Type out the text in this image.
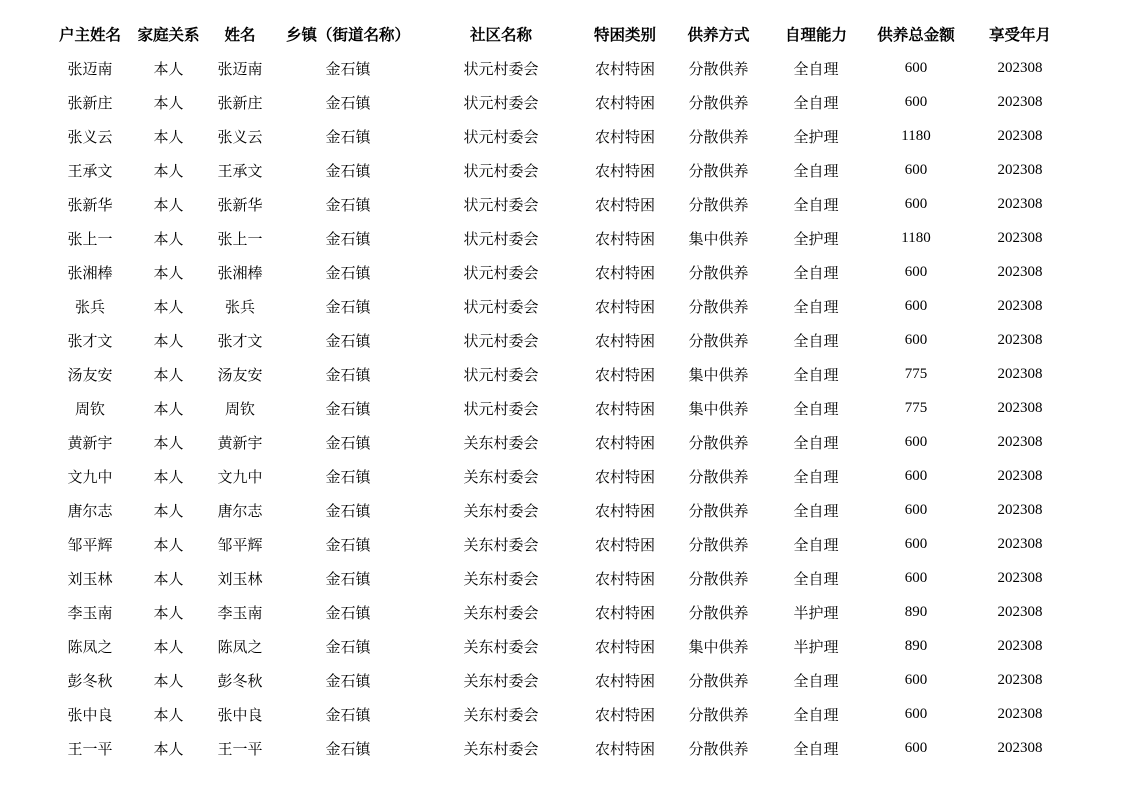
户主姓名	家庭关系	姓名	乡镇（街道名称）	社区名称	特困类别	供养方式	自理能力	供养总金额	享受年月
张迈南	本人	张迈南	金石镇	状元村委会	农村特困	分散供养	全自理	600	202308
张新庄	本人	张新庄	金石镇	状元村委会	农村特困	分散供养	全自理	600	202308
张义云	本人	张义云	金石镇	状元村委会	农村特困	分散供养	全护理	1180	202308
王承文	本人	王承文	金石镇	状元村委会	农村特困	分散供养	全自理	600	202308
张新华	本人	张新华	金石镇	状元村委会	农村特困	分散供养	全自理	600	202308
张上一	本人	张上一	金石镇	状元村委会	农村特困	集中供养	全护理	1180	202308
张湘棒	本人	张湘棒	金石镇	状元村委会	农村特困	分散供养	全自理	600	202308
张兵	本人	张兵	金石镇	状元村委会	农村特困	分散供养	全自理	600	202308
张才文	本人	张才文	金石镇	状元村委会	农村特困	分散供养	全自理	600	202308
汤友安	本人	汤友安	金石镇	状元村委会	农村特困	集中供养	全自理	775	202308
周钦	本人	周钦	金石镇	状元村委会	农村特困	集中供养	全自理	775	202308
黄新宇	本人	黄新宇	金石镇	关东村委会	农村特困	分散供养	全自理	600	202308
文九中	本人	文九中	金石镇	关东村委会	农村特困	分散供养	全自理	600	202308
唐尔志	本人	唐尔志	金石镇	关东村委会	农村特困	分散供养	全自理	600	202308
邹平辉	本人	邹平辉	金石镇	关东村委会	农村特困	分散供养	全自理	600	202308
刘玉林	本人	刘玉林	金石镇	关东村委会	农村特困	分散供养	全自理	600	202308
李玉南	本人	李玉南	金石镇	关东村委会	农村特困	分散供养	半护理	890	202308
陈凤之	本人	陈凤之	金石镇	关东村委会	农村特困	集中供养	半护理	890	202308
彭冬秋	本人	彭冬秋	金石镇	关东村委会	农村特困	分散供养	全自理	600	202308
张中良	本人	张中良	金石镇	关东村委会	农村特困	分散供养	全自理	600	202308
王一平	本人	王一平	金石镇	关东村委会	农村特困	分散供养	全自理	600	202308
